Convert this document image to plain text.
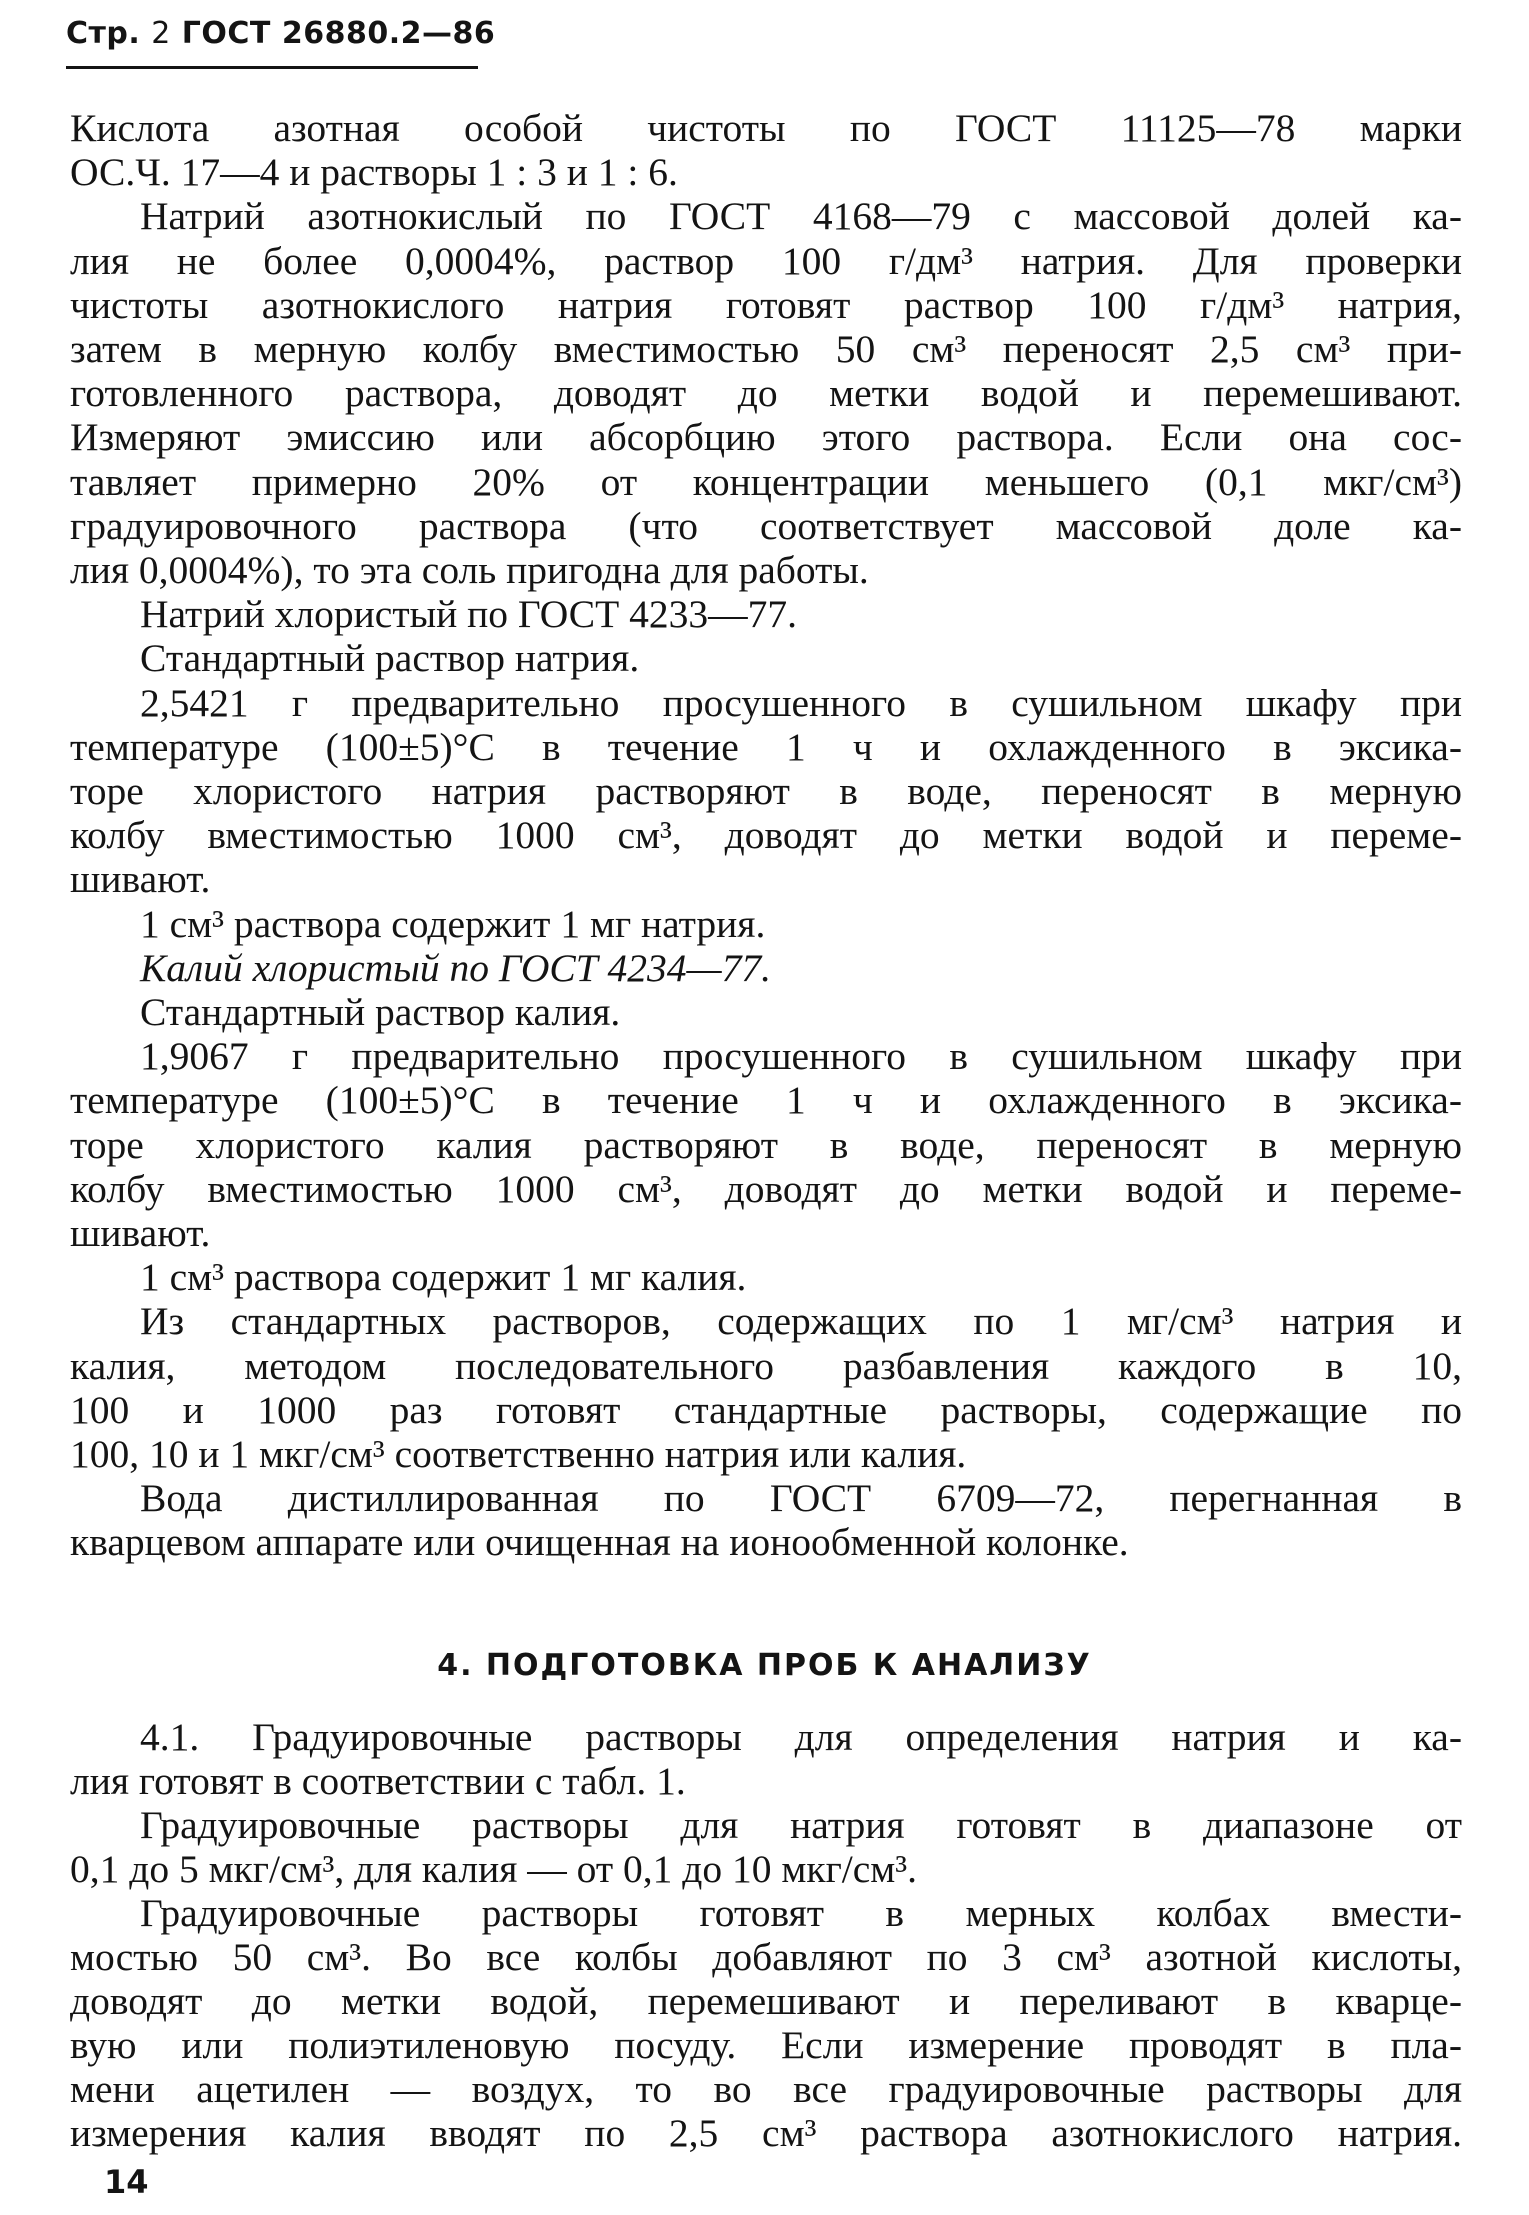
Стр. 2 ГОСТ 26880.2—86
Кислота азотная особой чистоты по ГОСТ 11125—78 марки
ОС.Ч. 17—4 и растворы 1 : 3 и 1 : 6.
Натрий азотнокислый по ГОСТ 4168—79 с массовой долей ка-
лия не более 0,0004%, раствор 100 г/дм³ натрия. Для проверки
чистоты азотнокислого натрия готовят раствор 100 г/дм³ натрия,
затем в мерную колбу вместимостью 50 см³ переносят 2,5 см³ при-
готовленного раствора, доводят до метки водой и перемешивают.
Измеряют эмиссию или абсорбцию этого раствора. Если она сос-
тавляет примерно 20% от концентрации меньшего (0,1 мкг/см³)
градуировочного раствора (что соответствует массовой доле ка-
лия 0,0004%), то эта соль пригодна для работы.
Натрий хлористый по ГОСТ 4233—77.
Стандартный раствор натрия.
2,5421 г предварительно просушенного в сушильном шкафу при
температуре (100±5)°С в течение 1 ч и охлажденного в эксика-
торе хлористого натрия растворяют в воде, переносят в мерную
колбу вместимостью 1000 см³, доводят до метки водой и переме-
шивают.
1 см³ раствора содержит 1 мг натрия.
Калий хлористый по ГОСТ 4234—77.
Стандартный раствор калия.
1,9067 г предварительно просушенного в сушильном шкафу при
температуре (100±5)°С в течение 1 ч и охлажденного в эксика-
торе хлористого калия растворяют в воде, переносят в мерную
колбу вместимостью 1000 см³, доводят до метки водой и переме-
шивают.
1 см³ раствора содержит 1 мг калия.
Из стандартных растворов, содержащих по 1 мг/см³ натрия и
калия, методом последовательного разбавления каждого в 10,
100 и 1000 раз готовят стандартные растворы, содержащие по
100, 10 и 1 мкг/см³ соответственно натрия или калия.
Вода дистиллированная по ГОСТ 6709—72, перегнанная в
кварцевом аппарате или очищенная на ионообменной колонке.
4. ПОДГОТОВКА ПРОБ К АНАЛИЗУ
4.1. Градуировочные растворы для определения натрия и ка-
лия готовят в соответствии с табл. 1.
Градуировочные растворы для натрия готовят в диапазоне от
0,1 до 5 мкг/см³, для калия — от 0,1 до 10 мкг/см³.
Градуировочные растворы готовят в мерных колбах вмести-
мостью 50 см³. Во все колбы добавляют по 3 см³ азотной кислоты,
доводят до метки водой, перемешивают и переливают в кварце-
вую или полиэтиленовую посуду. Если измерение проводят в пла-
мени ацетилен — воздух, то во все градуировочные растворы для
измерения калия вводят по 2,5 см³ раствора азотнокислого натрия.
14
